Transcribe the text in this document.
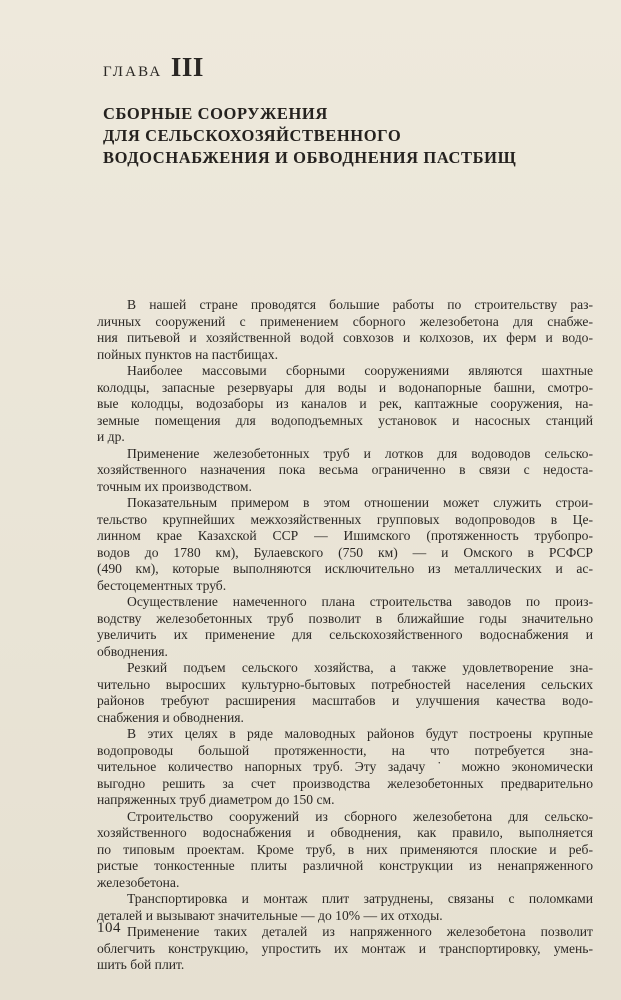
ГЛАВА III
СБОРНЫЕ СООРУЖЕНИЯ
ДЛЯ СЕЛЬСКОХОЗЯЙСТВЕННОГО
ВОДОСНАБЖЕНИЯ И ОБВОДНЕНИЯ ПАСТБИЩ
В нашей стране проводятся большие работы по строительству раз-
личных сооружений с применением сборного железобетона для снабже-
ния питьевой и хозяйственной водой совхозов и колхозов, их ферм и водо-
пойных пунктов на пастбищах.
Наиболее массовыми сборными сооружениями являются шахтные
колодцы, запасные резервуары для воды и водонапорные башни, смотро-
вые колодцы, водозаборы из каналов и рек, каптажные сооружения, на-
земные помещения для водоподъемных установок и насосных станций
и др.
Применение железобетонных труб и лотков для водоводов сельско-
хозяйственного назначения пока весьма ограниченно в связи с недоста-
точным их производством.
Показательным примером в этом отношении может служить строи-
тельство крупнейших межхозяйственных групповых водопроводов в Це-
линном крае Казахской ССР — Ишимского (протяженность трубопро-
водов до 1780 км), Булаевского (750 км) — и Омского в РСФСР
(490 км), которые выполняются исключительно из металлических и ас-
бестоцементных труб.
Осуществление намеченного плана строительства заводов по произ-
водству железобетонных труб позволит в ближайшие годы значительно
увеличить их применение для сельскохозяйственного водоснабжения и
обводнения.
Резкий подъем сельского хозяйства, а также удовлетворение зна-
чительно выросших культурно-бытовых потребностей населения сельских
районов требуют расширения масштабов и улучшения качества водо-
снабжения и обводнения.
В этих целях в ряде маловодных районов будут построены крупные
водопроводы большой протяженности, на что потребуется зна-
чительное количество напорных труб. Эту задачу ˙ можно экономически
выгодно решить за счет производства железобетонных предварительно
напряженных труб диаметром до 150 см.
Строительство сооружений из сборного железобетона для сельско-
хозяйственного водоснабжения и обводнения, как правило, выполняется
по типовым проектам. Кроме труб, в них применяются плоские и реб-
ристые тонкостенные плиты различной конструкции из ненапряженного
железобетона.
Транспортировка и монтаж плит затруднены, связаны с поломками
деталей и вызывают значительные — до 10% — их отходы.
Применение таких деталей из напряженного железобетона позволит
облегчить конструкцию, упростить их монтаж и транспортировку, умень-
шить бой плит.
104
